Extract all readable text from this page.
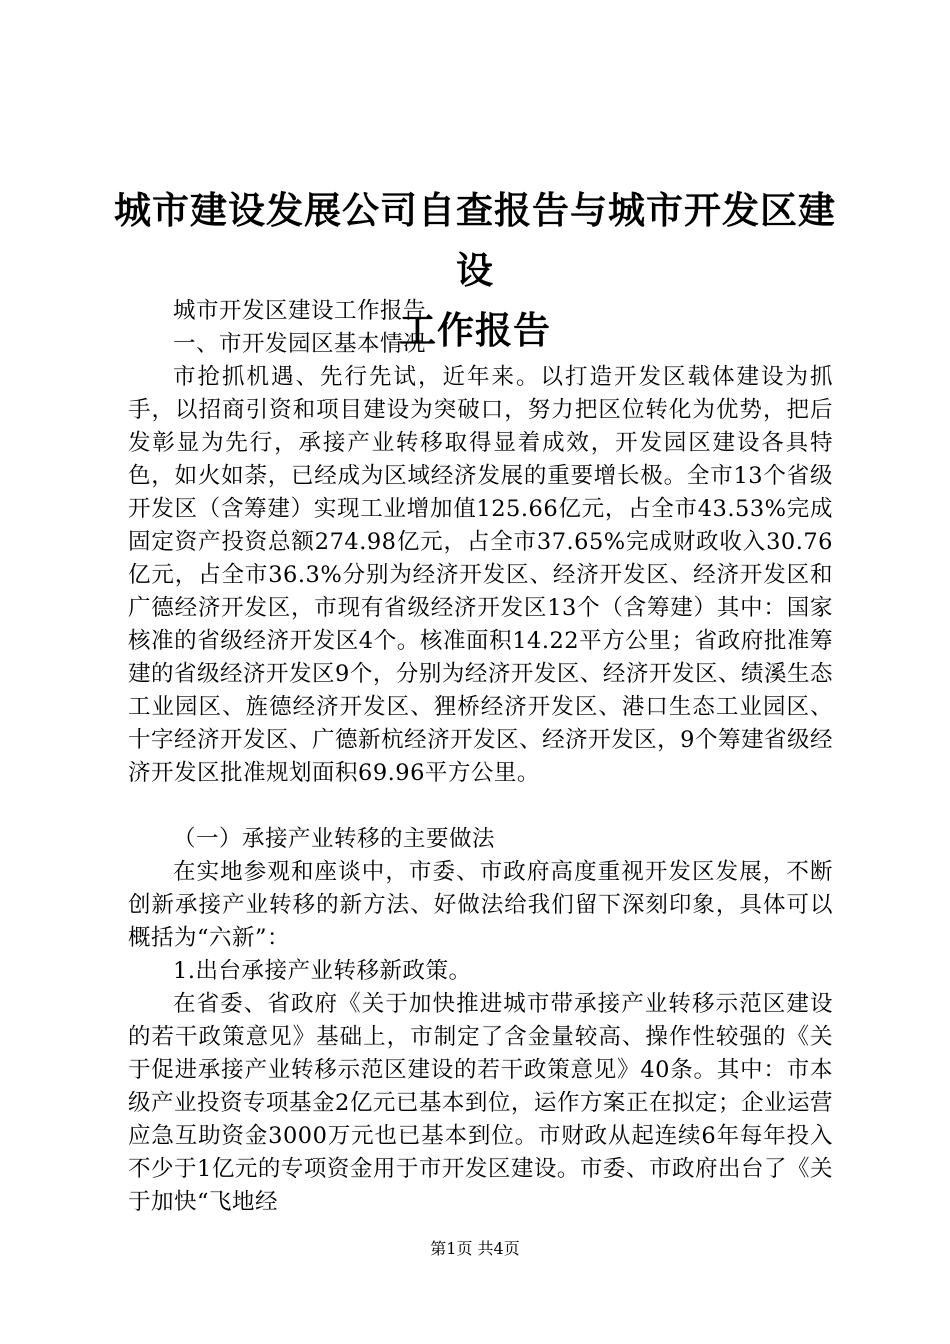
城市建设发展公司自查报告与城市开发区建设
工作报告

城市开发区建设工作报告

一、市开发园区基本情况

市抢抓机遇、先行先试，近年来。以打造开发区载体建设为抓手，以招商引资和项目建设为突破口，努力把区位转化为优势，把后发彰显为先行，承接产业转移取得显着成效，开发园区建设各具特色，如火如荼，已经成为区域经济发展的重要增长极。全市13个省级开发区（含筹建）实现工业增加值125.66亿元，占全市43.53%完成固定资产投资总额274.98亿元，占全市37.65%完成财政收入30.76亿元，占全市36.3%分别为经济开发区、经济开发区、经济开发区和广德经济开发区，市现有省级经济开发区13个（含筹建）其中：国家核准的省级经济开发区4个。核准面积14.22平方公里；省政府批准筹建的省级经济开发区9个，分别为经济开发区、经济开发区、绩溪生态工业园区、旌德经济开发区、狸桥经济开发区、港口生态工业园区、十字经济开发区、广德新杭经济开发区、经济开发区，9个筹建省级经济开发区批准规划面积69.96平方公里。

（一）承接产业转移的主要做法

在实地参观和座谈中，市委、市政府高度重视开发区发展，不断创新承接产业转移的新方法、好做法给我们留下深刻印象，具体可以概括为“六新”：

1.出台承接产业转移新政策。

在省委、省政府《关于加快推进城市带承接产业转移示范区建设的若干政策意见》基础上，市制定了含金量较高、操作性较强的《关于促进承接产业转移示范区建设的若干政策意见》40条。其中：市本级产业投资专项基金2亿元已基本到位，运作方案正在拟定；企业运营应急互助资金3000万元也已基本到位。市财政从起连续6年每年投入不少于1亿元的专项资金用于市开发区建设。市委、市政府出台了《关于加快“飞地经

第1页 共4页
